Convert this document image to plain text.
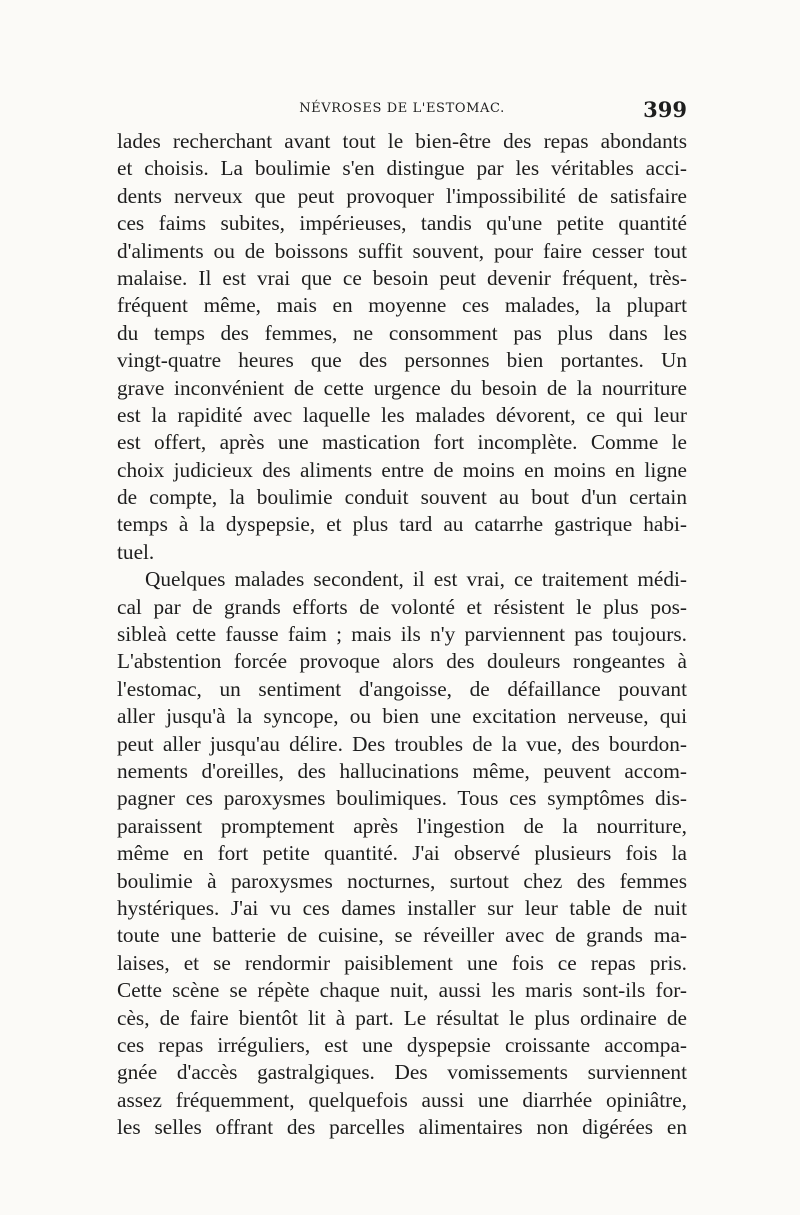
NÉVROSES DE L'ESTOMAC.	399
lades recherchant avant tout le bien-être des repas abondants
et choisis. La boulimie s'en distingue par les véritables acci-
dents nerveux que peut provoquer l'impossibilité de satisfaire
ces faims subites, impérieuses, tandis qu'une petite quantité
d'aliments ou de boissons suffit souvent, pour faire cesser tout
malaise. Il est vrai que ce besoin peut devenir fréquent, très-
fréquent même, mais en moyenne ces malades, la plupart
du temps des femmes, ne consomment pas plus dans les
vingt-quatre heures que des personnes bien portantes. Un
grave inconvénient de cette urgence du besoin de la nourriture
est la rapidité avec laquelle les malades dévorent, ce qui leur
est offert, après une mastication fort incomplète. Comme le
choix judicieux des aliments entre de moins en moins en ligne
de compte, la boulimie conduit souvent au bout d'un certain
temps à la dyspepsie, et plus tard au catarrhe gastrique habi-
tuel.
Quelques malades secondent, il est vrai, ce traitement médi-
cal par de grands efforts de volonté et résistent le plus pos-
sibleà cette fausse faim ; mais ils n'y parviennent pas toujours.
L'abstention forcée provoque alors des douleurs rongeantes à
l'estomac, un sentiment d'angoisse, de défaillance pouvant
aller jusqu'à la syncope, ou bien une excitation nerveuse, qui
peut aller jusqu'au délire. Des troubles de la vue, des bourdon-
nements d'oreilles, des hallucinations même, peuvent accom-
pagner ces paroxysmes boulimiques. Tous ces symptômes dis-
paraissent promptement après l'ingestion de la nourriture,
même en fort petite quantité. J'ai observé plusieurs fois la
boulimie à paroxysmes nocturnes, surtout chez des femmes
hystériques. J'ai vu ces dames installer sur leur table de nuit
toute une batterie de cuisine, se réveiller avec de grands ma-
laises, et se rendormir paisiblement une fois ce repas pris.
Cette scène se répète chaque nuit, aussi les maris sont-ils for-
cès, de faire bientôt lit à part. Le résultat le plus ordinaire de
ces repas irréguliers, est une dyspepsie croissante accompa-
gnée d'accès gastralgiques. Des vomissements surviennent
assez fréquemment, quelquefois aussi une diarrhée opiniâtre,
les selles offrant des parcelles alimentaires non digérées en
